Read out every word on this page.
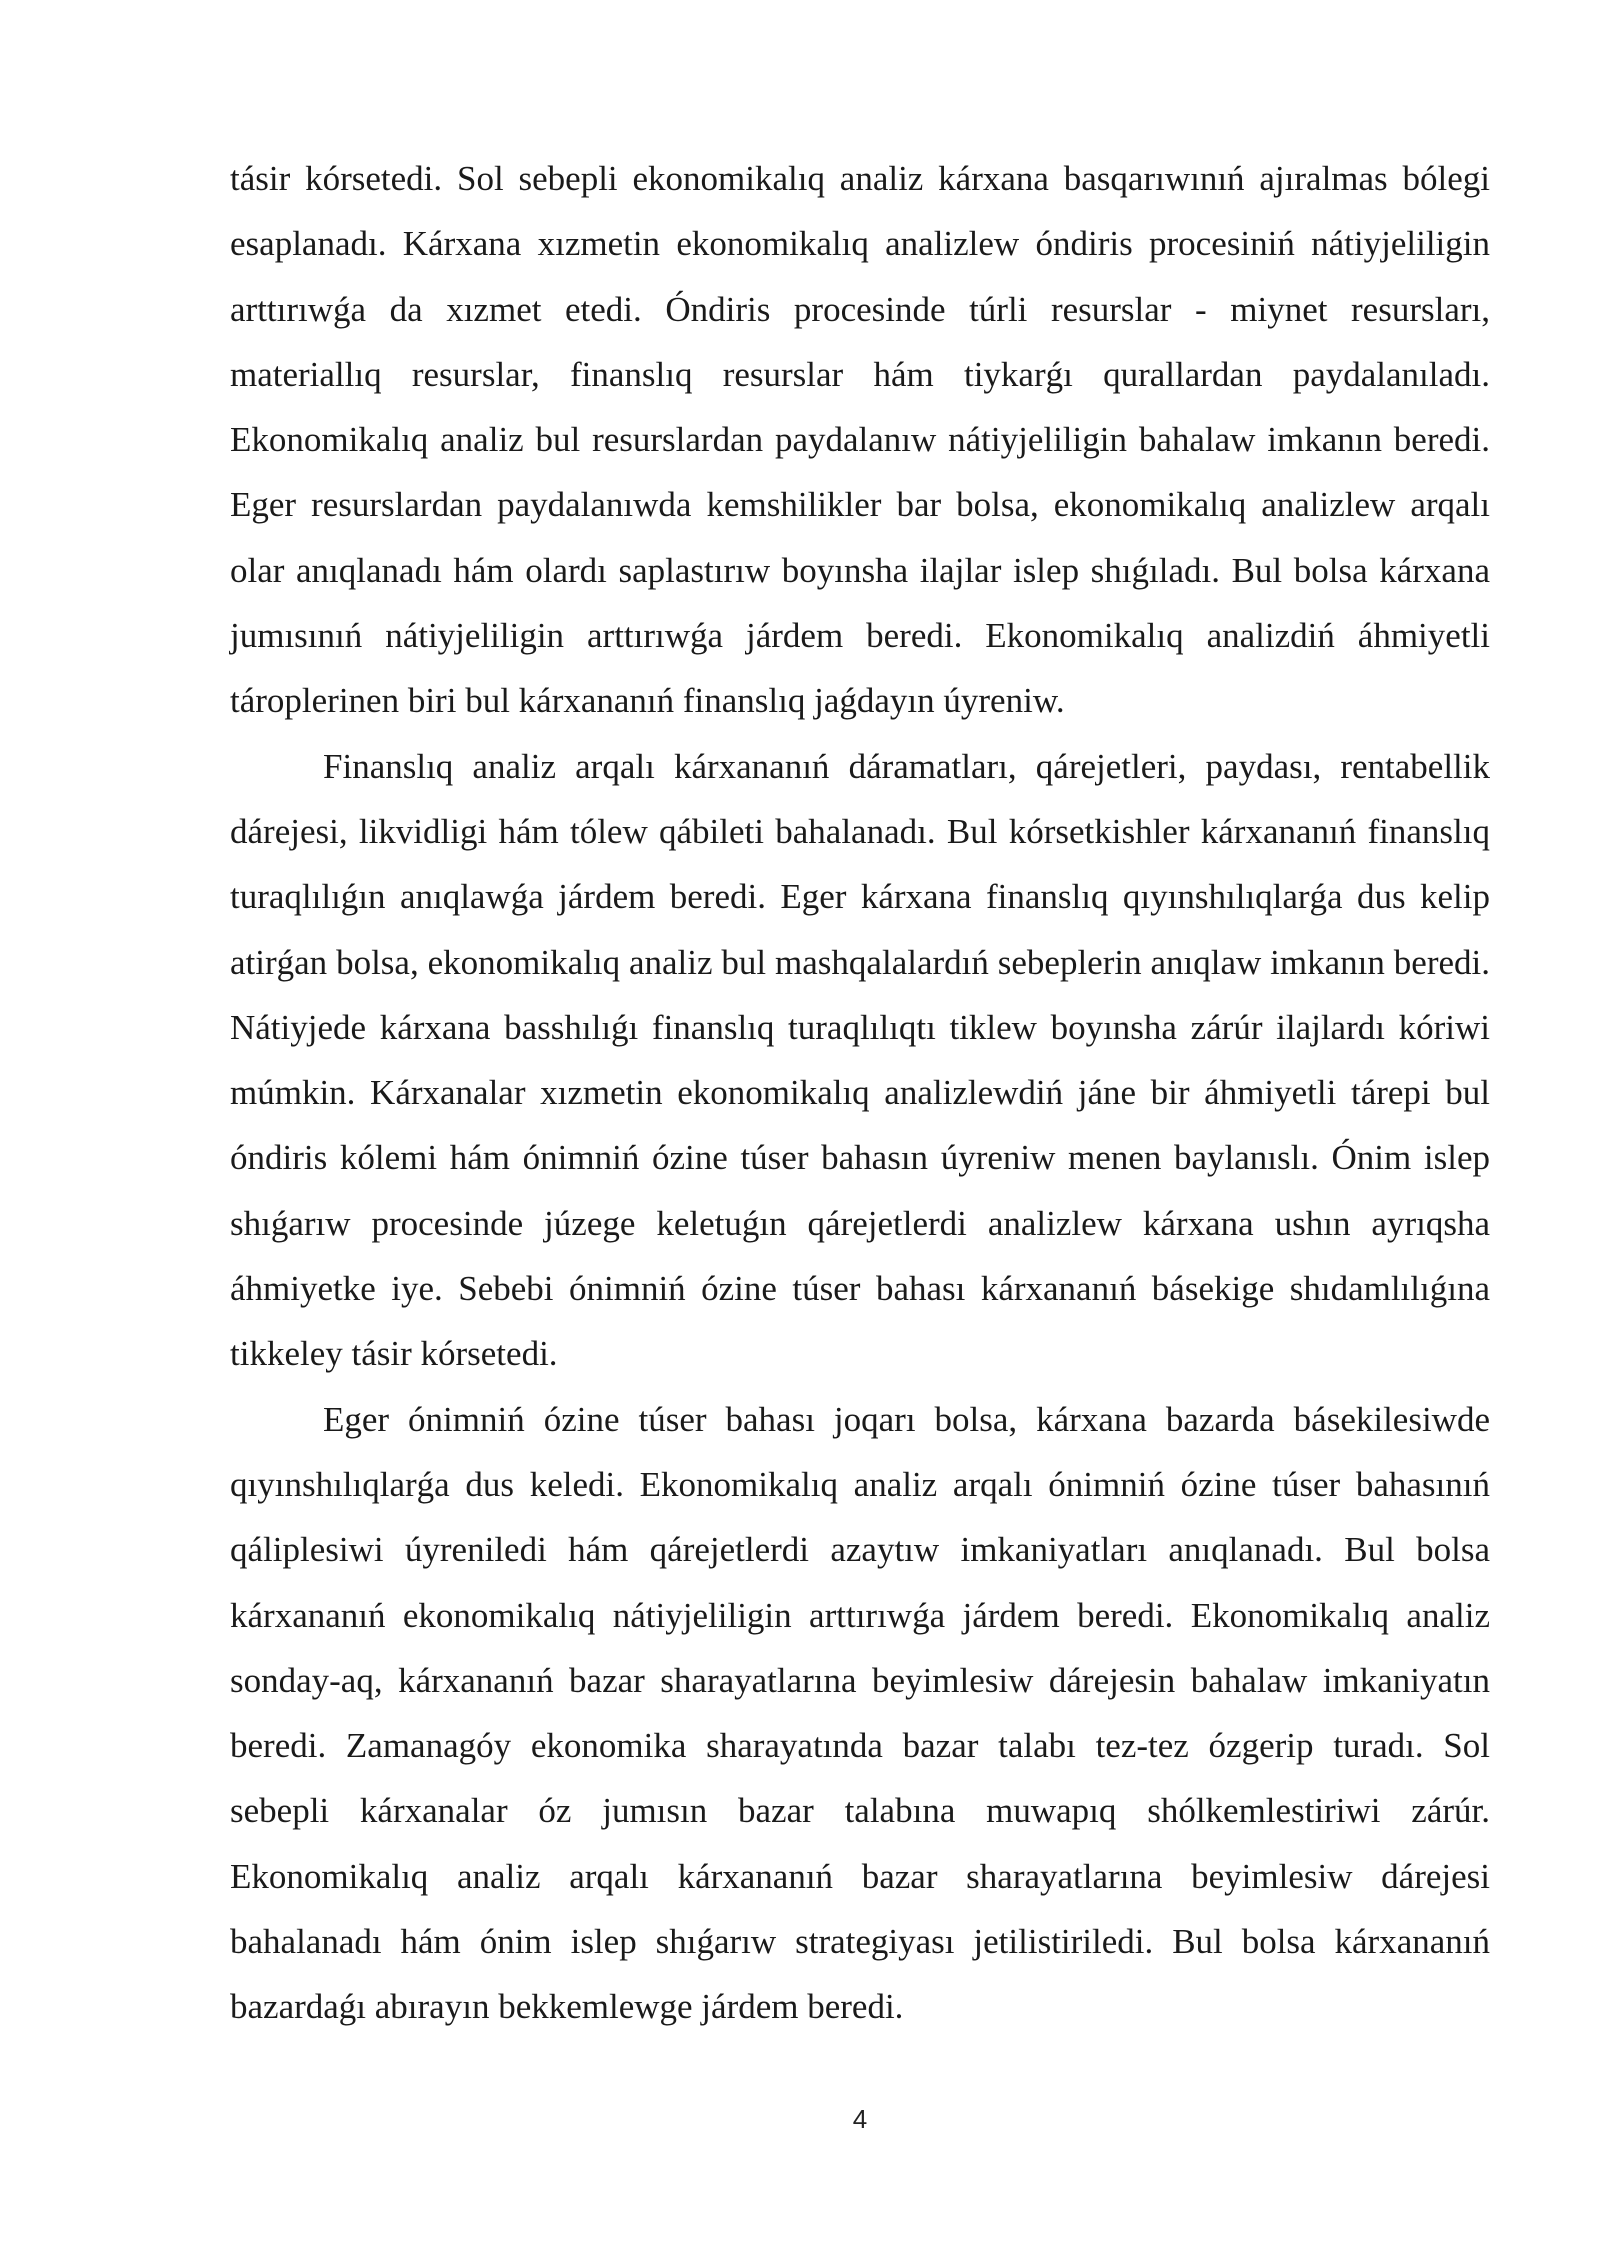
tásir kórsetedi. Sol sebepli ekonomikalıq analiz kárxana basqarıwınıń ajıralmas bólegi esaplanadı. Kárxana xızmetin ekonomikalıq analizlew óndiris procesiniń nátiyjeliligin arttırıwǵa da xızmet etedi. Óndiris procesinde túrli resurslar - miynet resursları, materiallıq resurslar, finanslıq resurslar hám tiykarǵı qurallardan paydalanıladı. Ekonomikalıq analiz bul resurslardan paydalanıw nátiyjeliligin bahalaw imkanın beredi. Eger resurslardan paydalanıwda kemshilikler bar bolsa, ekonomikalıq analizlew arqalı olar anıqlanadı hám olardı saplastırıw boyınsha ilajlar islep shıǵıladı. Bul bolsa kárxana jumısınıń nátiyjeliligin arttırıwǵa járdem beredi. Ekonomikalıq analizdiń áhmiyetli tároplerinen biri bul kárxananıń finanslıq jaǵdayın úyreniw.

Finanslıq analiz arqalı kárxananıń dáramatları, qárejetleri, paydası, rentabellik dárejesi, likvidligi hám tólew qábileti bahalanadı. Bul kórsetkishler kárxananıń finanslıq turaqlılıǵın anıqlawǵa járdem beredi. Eger kárxana finanslıq qıyınshılıqlarǵa dus kelip atirǵan bolsa, ekonomikalıq analiz bul mashqalalardıń sebeplerin anıqlaw imkanın beredi. Nátiyjede kárxana basshılıǵı finanslıq turaqlılıqtı tiklew boyınsha zárúr ilajlardı kóriwi múmkin. Kárxanalar xızmetin ekonomikalıq analizlewdiń jáne bir áhmiyetli tárepi bul óndiris kólemi hám ónimniń ózine túser bahasın úyreniw menen baylanıslı. Ónim islep shıǵarıw procesinde júzege keletuǵın qárejetlerdi analizlew kárxana ushın ayrıqsha áhmiyetke iye. Sebebi ónimniń ózine túser bahası kárxananıń básekige shıdamlılıǵına tikkeley tásir kórsetedi.

Eger ónimniń ózine túser bahası joqarı bolsa, kárxana bazarda básekilesiwde qıyınshılıqlarǵa dus keledi. Ekonomikalıq analiz arqalı ónimniń ózine túser bahasınıń qáliplesiwi úyreniledi hám qárejetlerdi azaytıw imkaniyatları anıqlanadı. Bul bolsa kárxananıń ekonomikalıq nátiyjeliligin arttırıwǵa járdem beredi. Ekonomikalıq analiz sonday-aq, kárxananıń bazar sharayatlarına beyimlesiw dárejesin bahalaw imkaniyatın beredi. Zamanagóy ekonomika sharayatında bazar talabı tez-tez ózgerip turadı. Sol sebepli kárxanalar óz jumısın bazar talabına muwapıq shólkemlestiriwi zárúr. Ekonomikalıq analiz arqalı kárxananıń bazar sharayatlarına beyimlesiw dárejesi bahalanadı hám ónim islep shıǵarıw strategiyası jetilistiriledi. Bul bolsa kárxananıń bazardaǵı abırayın bekkemlewge járdem beredi.

4
